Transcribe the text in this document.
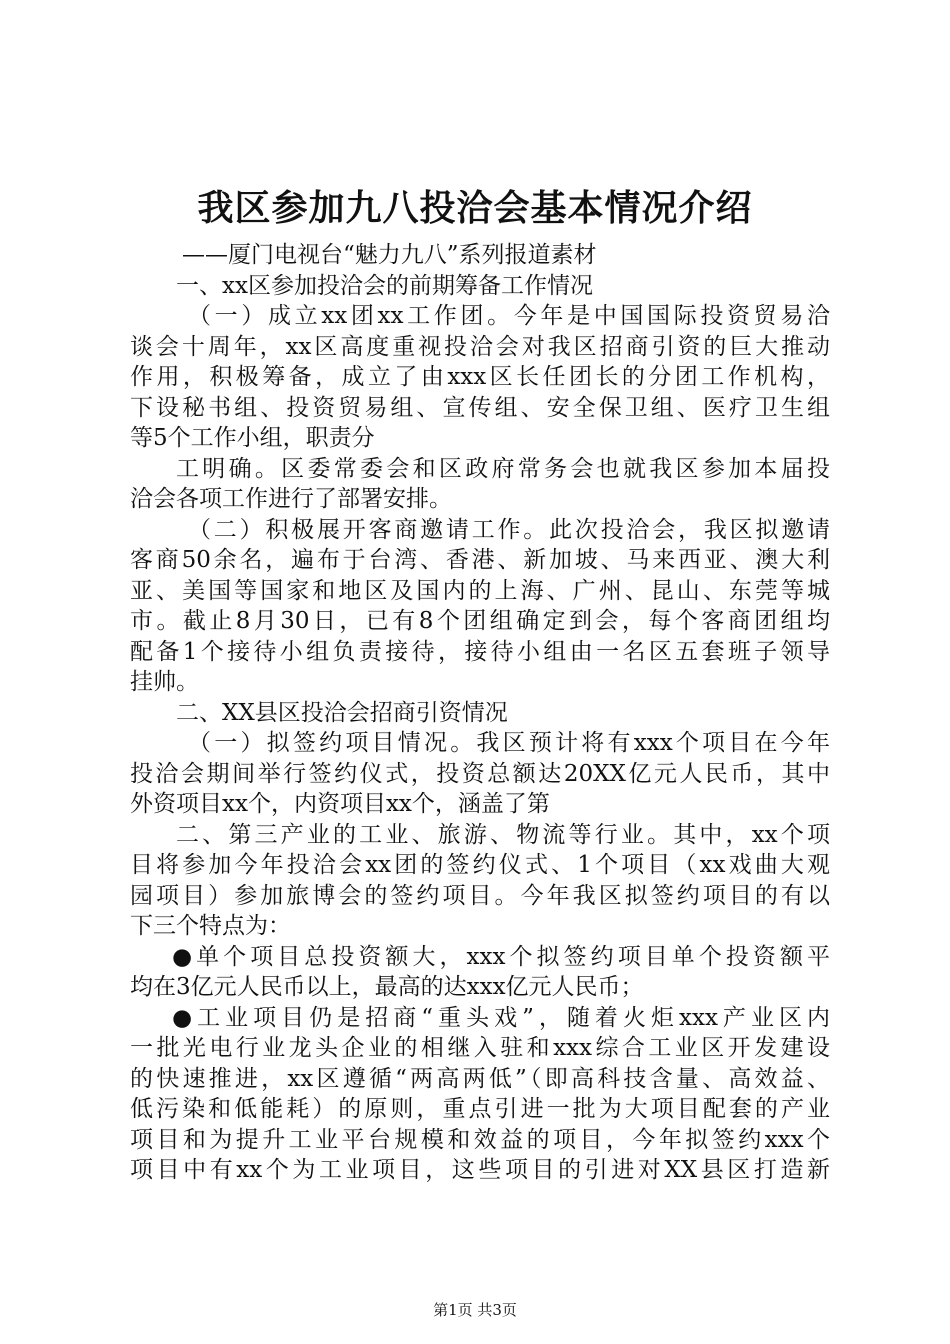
我区参加九八投洽会基本情况介绍
——厦门电视台“魅力九八”系列报道素材
一、xx区参加投洽会的前期筹备工作情况
（一）成立xx团xx工作团。今年是中国国际投资贸易洽
谈会十周年，xx区高度重视投洽会对我区招商引资的巨大推动
作用，积极筹备，成立了由xxx区长任团长的分团工作机构，
下设秘书组、投资贸易组、宣传组、安全保卫组、医疗卫生组
等5个工作小组，职责分
工明确。区委常委会和区政府常务会也就我区参加本届投
洽会各项工作进行了部署安排。
（二）积极展开客商邀请工作。此次投洽会，我区拟邀请
客商50余名，遍布于台湾、香港、新加坡、马来西亚、澳大利
亚、美国等国家和地区及国内的上海、广州、昆山、东莞等城
市。截止8月30日，已有8个团组确定到会，每个客商团组均
配备1个接待小组负责接待，接待小组由一名区五套班子领导
挂帅。
二、XX县区投洽会招商引资情况
（一）拟签约项目情况。我区预计将有xxx个项目在今年
投洽会期间举行签约仪式，投资总额达20XX亿元人民币，其中
外资项目xx个，内资项目xx个，涵盖了第
二、第三产业的工业、旅游、物流等行业。其中，xx个项
目将参加今年投洽会xx团的签约仪式、1个项目（xx戏曲大观
园项目）参加旅博会的签约项目。今年我区拟签约项目的有以
下三个特点为：
●单个项目总投资额大，xxx个拟签约项目单个投资额平
均在3亿元人民币以上，最高的达xxx亿元人民币；
●工业项目仍是招商“重头戏”，随着火炬xxx产业区内
一批光电行业龙头企业的相继入驻和xxx综合工业区开发建设
的快速推进，xx区遵循“两高两低”（即高科技含量、高效益、
低污染和低能耗）的原则，重点引进一批为大项目配套的产业
项目和为提升工业平台规模和效益的项目，今年拟签约xxx个
项目中有xx个为工业项目，这些项目的引进对XX县区打造新
第1页 共3页
